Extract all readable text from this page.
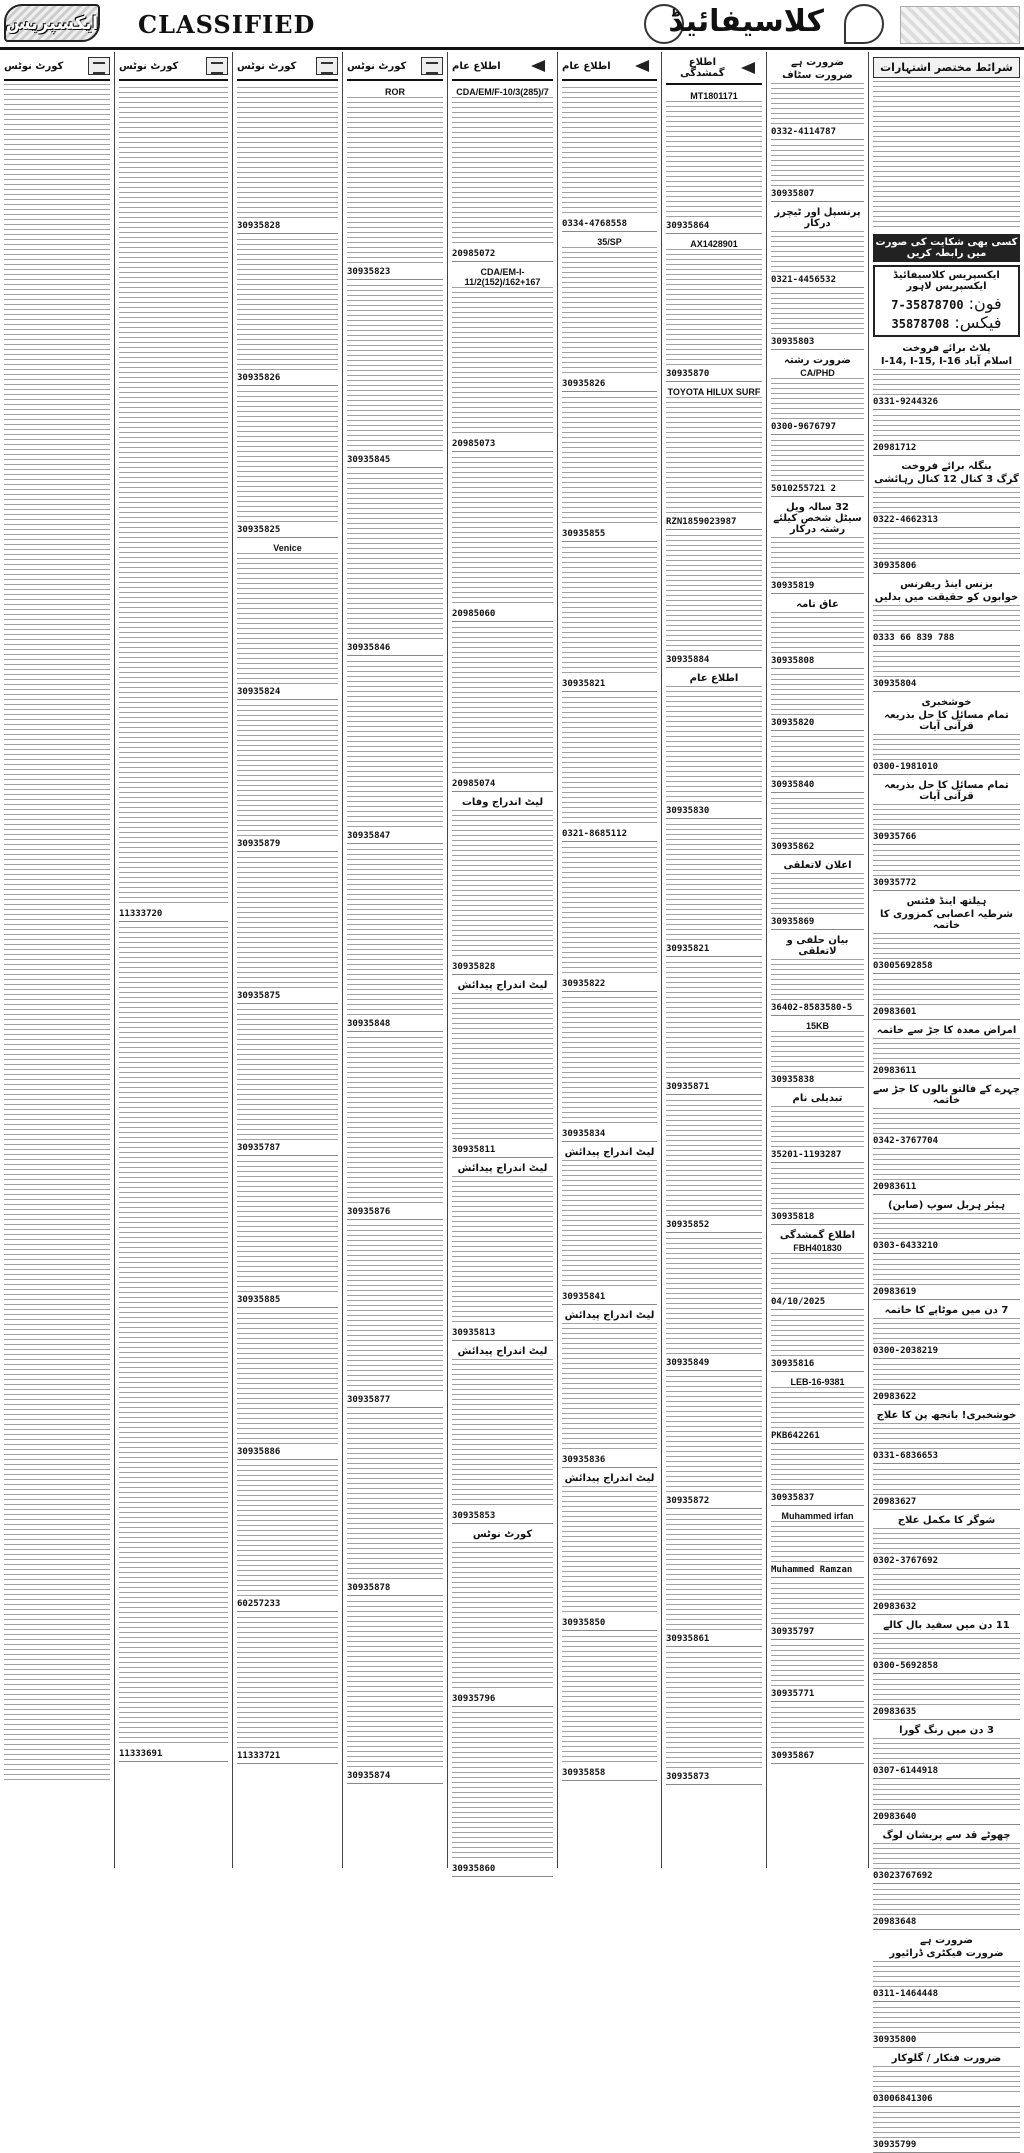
ایکسپریس CLASSIFIED	کلاسیفائیڈ
شرائط مختصر اشتہارات
کسی بھی شکایت کی صورت میں رابطہ کریں
ایکسپریس کلاسیفائیڈ ایکسپریس لاہور
فون: 35878700-7
فیکس: 35878708
پلاٹ برائے فروخت
اسلام آباد I-14, I-15, I-16
0331-9244326
20981712
بنگلہ برائے فروخت
گرگ 3 کنال 12 کنال رہائشی
0322-4662313
30935806
بزنس اینڈ ریفرنس
خوابوں کو حقیقت میں بدلیں
0333 66 839 788
30935804
خوشخبری
تمام مسائل کا حل بذریعہ قرآنی آیات
0300-1981010
تمام مسائل کا حل بذریعہ قرآنی آیات
30935766
30935772
ہیلتھ اینڈ فٹنس
شرطیہ اعصابی کمزوری کا خاتمہ
03005692858
20983601
امراض معدہ کا جڑ سے خاتمہ
20983611
چہرے کے فالتو بالوں کا جڑ سے خاتمہ
0342-3767704
20983611
ہیئر ہربل سوپ (صابن)
0303-6433210
20983619
7 دن میں موٹاپے کا خاتمہ
0300-2038219
20983622
خوشخبری! بانجھ پن کا علاج
0331-6836653
20983627
شوگر کا مکمل علاج
0302-3767692
20983632
11 دن میں سفید بال کالے
0300-5692858
20983635
3 دن میں رنگ گورا
0307-6144918
20983640
چھوٹے قد سے پریشان لوگ
03023767692
20983648
ضرورت ہے
ضرورت فیکٹری ڈرائیور
0311-1464448
30935800
ضرورت فنکار / گلوکار
03006841306
30935799
ضرورت ہے
ضرورت سٹاف
0332-4114787
30935807
پرنسپل اور ٹیچرز درکار
0321-4456532
30935803
ضرورت رشتہ
CA/PHD
0300-9676797
5010255721 2
32 سالہ ویل سیٹل شخص کیلئے رشتہ درکار
30935819
عاق نامہ
30935808
30935820
30935840
30935862
اعلان لاتعلقی
30935869
بیان حلفی و لاتعلقی
36402-8583580-5
15KB
30935838
تبدیلی نام
35201-1193287
30935818
اطلاع گمشدگی
FBH401830
04/10/2025
30935816
LEB-16-9381
PKB642261
30935837
Muhammed irfan
Muhammed Ramzan
30935797
30935771
30935867
اطلاع گمشدگی
MT1801171
30935864
AX1428901
30935870
TOYOTA HILUX SURF
RZN1859023987
30935884
اطلاع عام
30935830
30935821
30935871
30935852
30935849
30935872
30935861
30935873
اطلاع عام
0334-4768558
35/SP
30935826
30935855
30935821
0321-8685112
30935822
30935834
لیٹ اندراج پیدائش
30935841
لیٹ اندراج پیدائش
30935836
لیٹ اندراج پیدائش
30935850
30935858
اطلاع عام
CDA/EM/F-10/3(285)/7
20985072
CDA/EM-I-11/2(152)/162+167
20985073
20985060
20985074
لیٹ اندراج وفات
30935828
لیٹ اندراج پیدائش
30935811
لیٹ اندراج پیدائش
30935813
لیٹ اندراج پیدائش
30935853
کورٹ نوٹس
30935796
30935860
کورٹ نوٹس
ROR
30935823
30935845
30935846
30935847
30935848
30935876
30935877
30935878
30935874
کورٹ نوٹس
30935828
30935826
30935825
Venice
30935824
30935879
30935875
30935787
30935885
30935886
60257233
11333721
کورٹ نوٹس
11333720
11333691
کورٹ نوٹس
